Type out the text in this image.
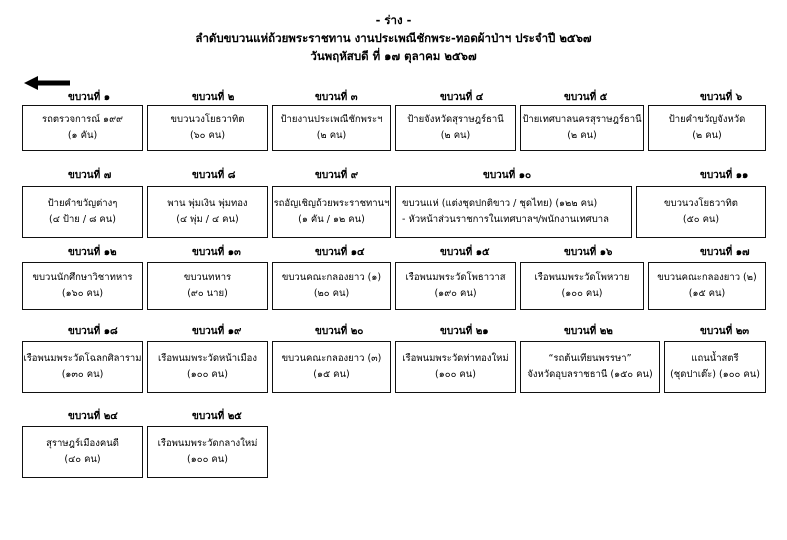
- ร่าง -
ลำดับขบวนแห่ถ้วยพระราชทาน งานประเพณีชักพระ-ทอดผ้าป่าฯ ประจำปี ๒๕๖๗
วันพฤหัสบดี ที่ ๑๗ ตุลาคม ๒๕๖๗
ขบวนที่ ๑
รถตรวจการณ์ ๑๙๙
(๑ คัน)
ขบวนที่ ๒
ขบวนวงโยธวาทิต
(๖๐ คน)
ขบวนที่ ๓
ป้ายงานประเพณีชักพระฯ
(๒ คน)
ขบวนที่ ๔
ป้ายจังหวัดสุราษฎร์ธานี
(๒ คน)
ขบวนที่ ๕
ป้ายเทศบาลนครสุราษฎร์ธานี
(๒ คน)
ขบวนที่ ๖
ป้ายคำขวัญจังหวัด
(๒ คน)
ขบวนที่ ๗
ป้ายคำขวัญต่างๆ
(๔ ป้าย / ๘ คน)
ขบวนที่ ๘
พาน พุ่มเงิน พุ่มทอง
(๔ พุ่ม / ๔ คน)
ขบวนที่ ๙
รถอัญเชิญถ้วยพระราชทานฯ
(๑ คัน / ๑๒ คน)
ขบวนที่ ๑๐
ขบวนแห่ (แต่งชุดปกติขาว / ชุดไทย) (๑๒๒ คน)
- หัวหน้าส่วนราชการในเทศบาลฯ/พนักงานเทศบาล
ขบวนที่ ๑๑
ขบวนวงโยธวาทิต
(๕๐ คน)
ขบวนที่ ๑๒
ขบวนนักศึกษาวิชาทหาร
(๑๖๐ คน)
ขบวนที่ ๑๓
ขบวนทหาร
(๙๐ นาย)
ขบวนที่ ๑๔
ขบวนคณะกลองยาว (๑)
(๒๐ คน)
ขบวนที่ ๑๕
เรือพนมพระวัดโพธาวาส
(๑๙๐ คน)
ขบวนที่ ๑๖
เรือพนมพระวัดโพหวาย
(๑๐๐ คน)
ขบวนที่ ๑๗
ขบวนคณะกลองยาว (๒)
(๑๕ คน)
ขบวนที่ ๑๘
เรือพนมพระวัดโฉลกศิลาราม
(๑๓๐ คน)
ขบวนที่ ๑๙
เรือพนมพระวัดหน้าเมือง
(๑๐๐ คน)
ขบวนที่ ๒๐
ขบวนคณะกลองยาว (๓)
(๑๕ คน)
ขบวนที่ ๒๑
เรือพนมพระวัดท่าทองใหม่
(๑๐๐ คน)
ขบวนที่ ๒๒
“รถต้นเทียนพรรษา”
จังหวัดอุบลราชธานี (๑๕๐ คน)
ขบวนที่ ๒๓
แถนน้ำสตรี
(ชุดปาเต๊ะ) (๑๐๐ คน)
ขบวนที่ ๒๔
สุราษฎร์เมืองคนดี
(๔๐ คน)
ขบวนที่ ๒๕
เรือพนมพระวัดกลางใหม่
(๑๐๐ คน)
